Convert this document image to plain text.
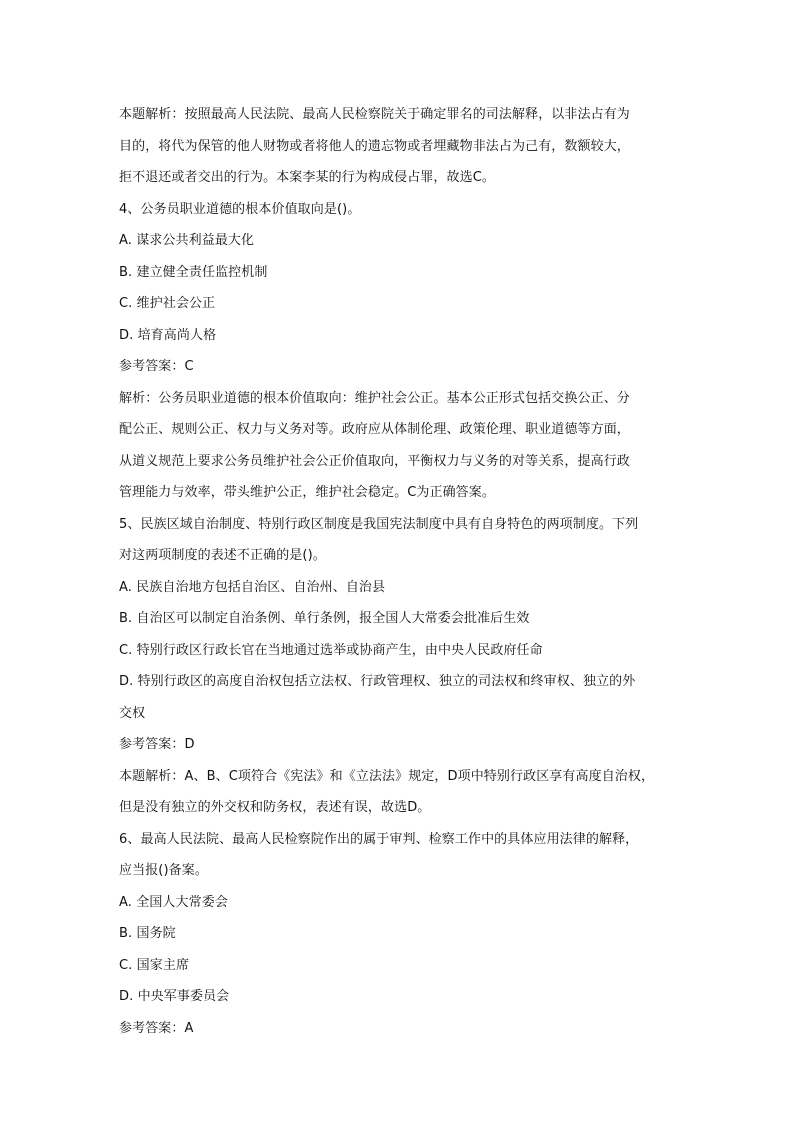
本题解析：按照最高人民法院、最高人民检察院关于确定罪名的司法解释，以非法占有为
目的，将代为保管的他人财物或者将他人的遗忘物或者埋藏物非法占为己有，数额较大，
拒不退还或者交出的行为。本案李某的行为构成侵占罪，故选C。
4、公务员职业道德的根本价值取向是()。
A. 谋求公共利益最大化
B. 建立健全责任监控机制
C. 维护社会公正
D. 培育高尚人格
参考答案：C
解析：公务员职业道德的根本价值取向：维护社会公正。基本公正形式包括交换公正、分
配公正、规则公正、权力与义务对等。政府应从体制伦理、政策伦理、职业道德等方面，
从道义规范上要求公务员维护社会公正价值取向，平衡权力与义务的对等关系，提高行政
管理能力与效率，带头维护公正，维护社会稳定。C为正确答案。
5、民族区域自治制度、特别行政区制度是我国宪法制度中具有自身特色的两项制度。下列
对这两项制度的表述不正确的是()。
A. 民族自治地方包括自治区、自治州、自治县
B. 自治区可以制定自治条例、单行条例，报全国人大常委会批准后生效
C. 特别行政区行政长官在当地通过选举或协商产生，由中央人民政府任命
D. 特别行政区的高度自治权包括立法权、行政管理权、独立的司法权和终审权、独立的外
交权
参考答案：D
本题解析：A、B、C项符合《宪法》和《立法法》规定，D项中特别行政区享有高度自治权，
但是没有独立的外交权和防务权，表述有误，故选D。
6、最高人民法院、最高人民检察院作出的属于审判、检察工作中的具体应用法律的解释，
应当报()备案。
A. 全国人大常委会
B. 国务院
C. 国家主席
D. 中央军事委员会
参考答案：A
